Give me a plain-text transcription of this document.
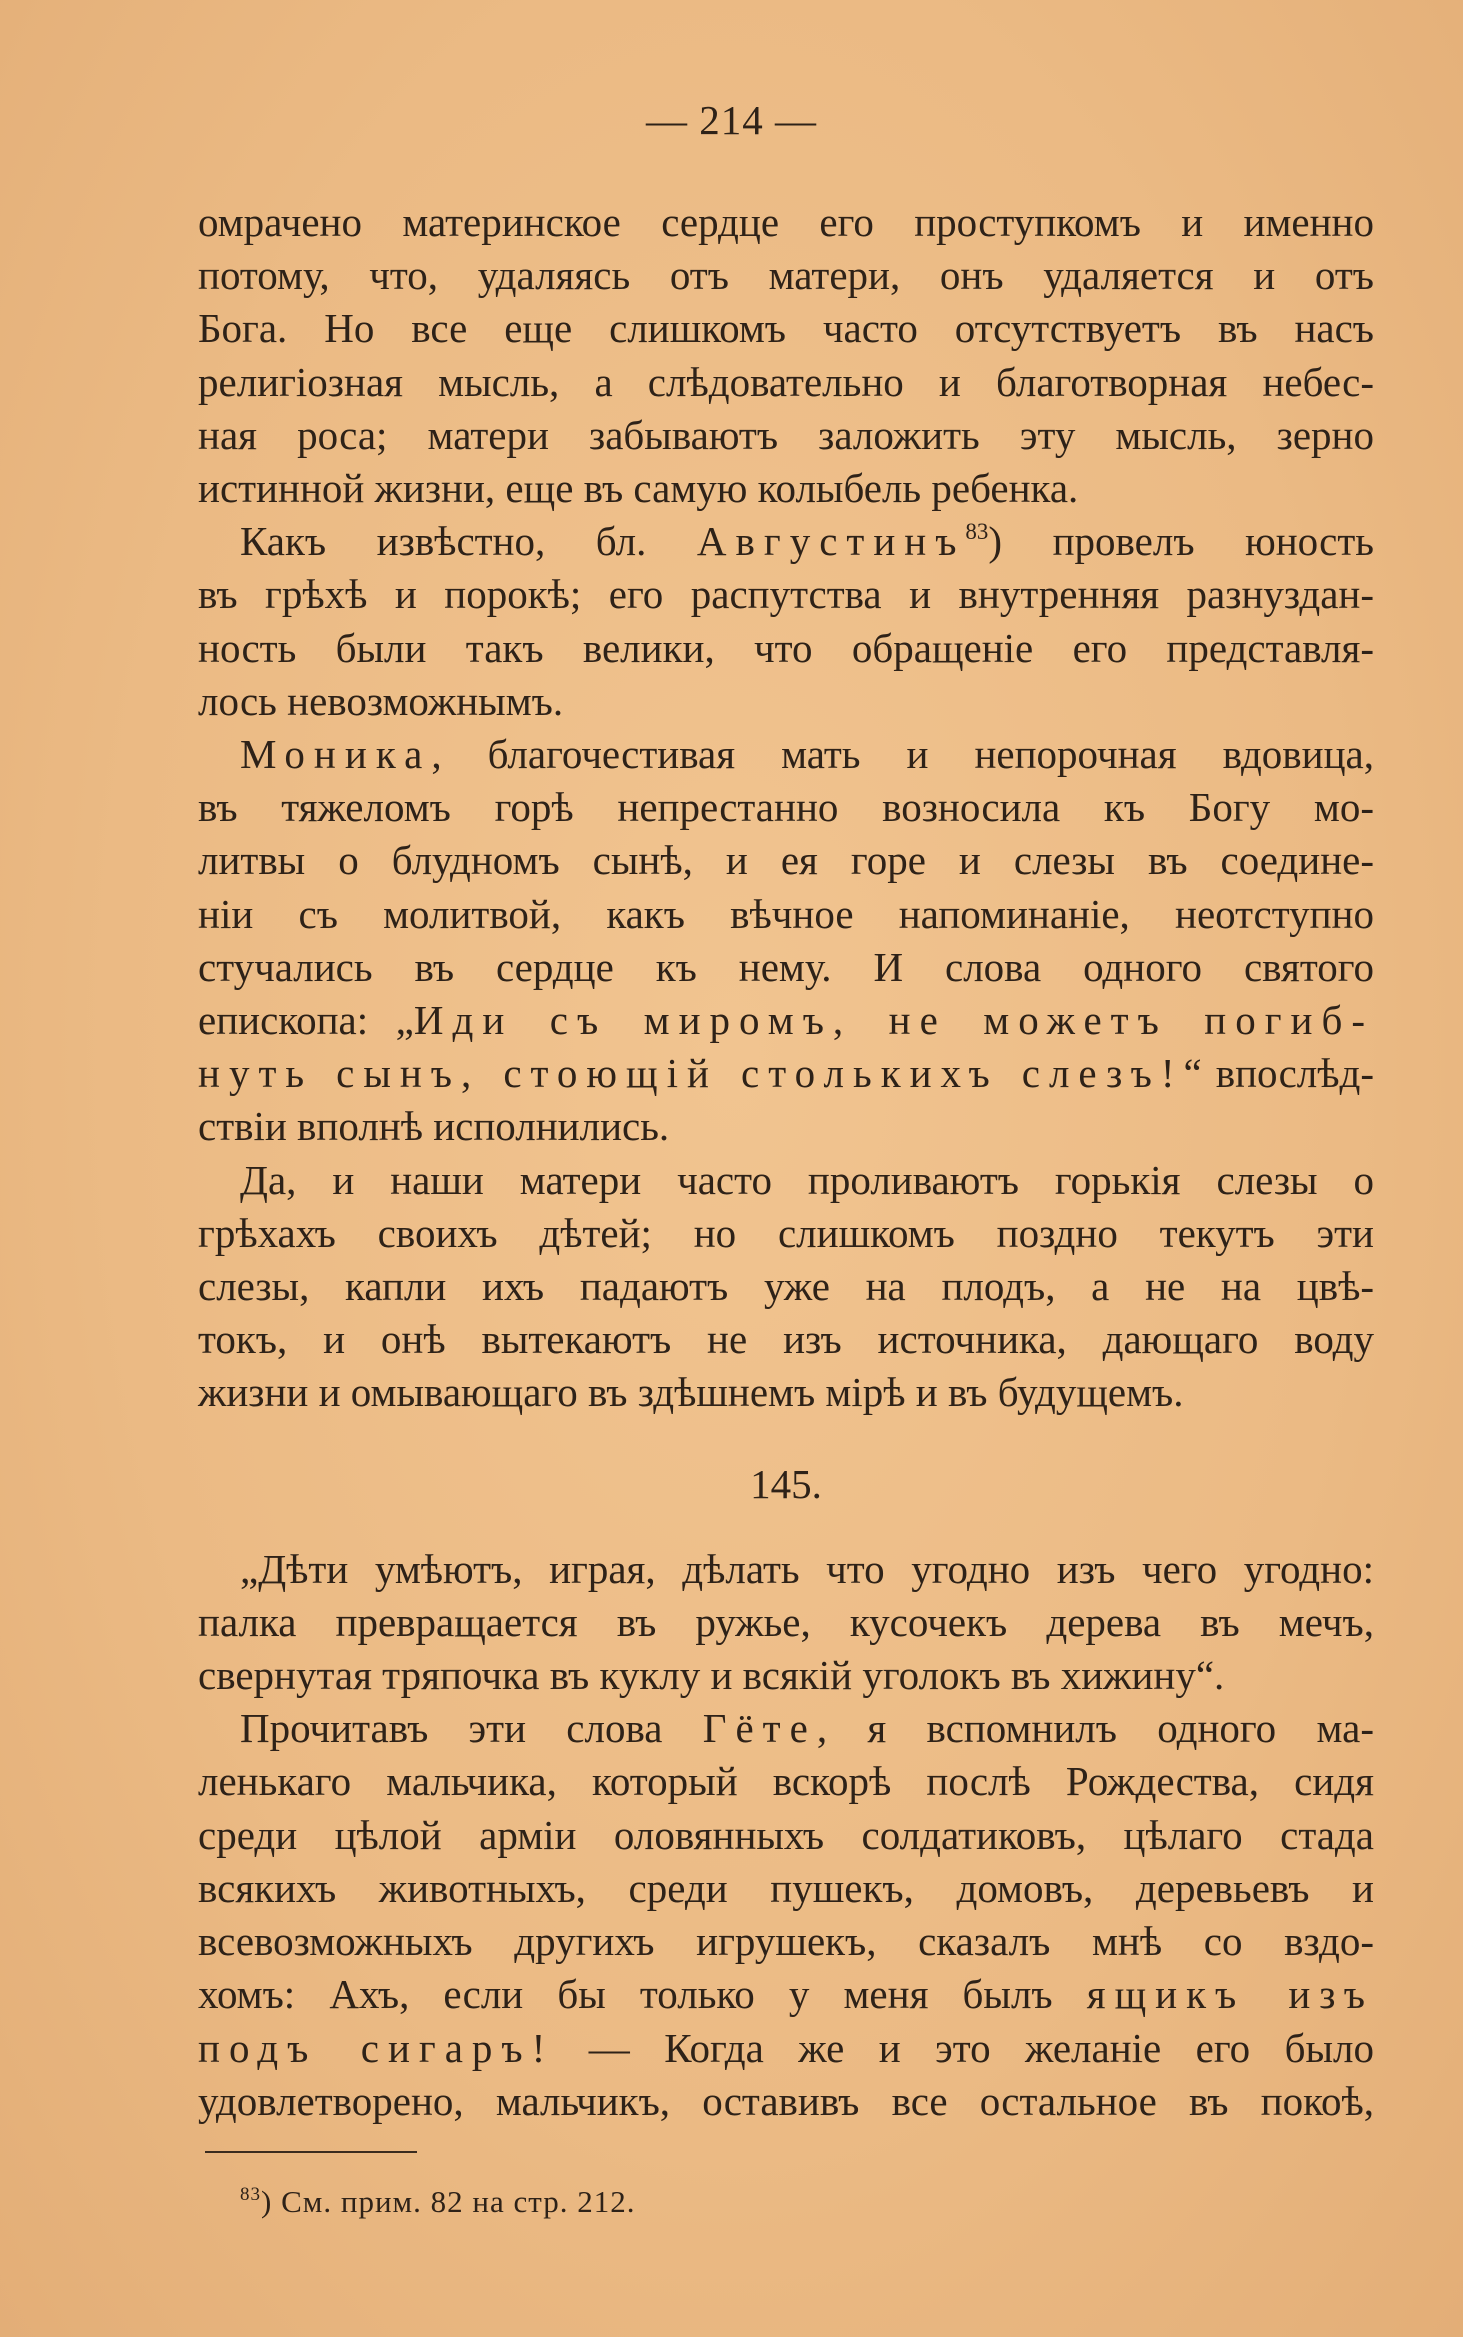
— 214 —

омрачено материнское сердце его проступкомъ и именно

потому, что, удаляясь отъ матери, онъ удаляется и отъ

Бога. Но все еще слишкомъ часто отсутствуетъ въ насъ

религiозная мысль, а слѣдовательно и благотворная небес-

ная роса; матери забываютъ заложить эту мысль, зерно

истинной жизни, еще въ самую колыбель ребенка.

Какъ извѣстно, бл. Августинъ$^{83}$) провелъ юность

въ грѣхѣ и порокѣ; его распутства и внутренняя разнуздан-

ность были такъ велики, что обращенiе его представля-

лось невозможнымъ.

Моника, благочестивая мать и непорочная вдовица,

въ тяжеломъ горѣ непрестанно возносила къ Богу мо-

литвы о блудномъ сынѣ, и ея горе и слезы въ соедине-

нiи съ молитвой, какъ вѣчное напоминанiе, неотступно

стучались въ сердце къ нему. И слова одного святого

епископа: „Иди съ миромъ, не можетъ погиб-

нуть сынъ, стоющiй столькихъ слезъ!“ впослѣд-

ствiи вполнѣ исполнились.

Да, и наши матери часто проливаютъ горькiя слезы о

грѣхахъ своихъ дѣтей; но слишкомъ поздно текутъ эти

слезы, капли ихъ падаютъ уже на плодъ, а не на цвѣ-

токъ, и онѣ вытекаютъ не изъ источника, дающаго воду

жизни и омывающаго въ здѣшнемъ мiрѣ и въ будущемъ.

145.

„Дѣти умѣютъ, играя, дѣлать что угодно изъ чего угодно:

палка превращается въ ружье, кусочекъ дерева въ мечъ,

свернутая тряпочка въ куклу и всякiй уголокъ въ хижину“.

Прочитавъ эти слова Гёте, я вспомнилъ одного ма-

ленькаго мальчика, который вскорѣ послѣ Рождества, сидя

среди цѣлой армiи оловянныхъ солдатиковъ, цѣлаго стада

всякихъ животныхъ, среди пушекъ, домовъ, деревьевъ и

всевозможныхъ другихъ игрушекъ, сказалъ мнѣ со вздо-

хомъ: Ахъ, если бы только у меня былъ ящикъ изъ

подъ сигаръ! — Когда же и это желанiе его было

удовлетворено, мальчикъ, оставивъ все остальное въ покоѣ,

$^{83}$) См. прим. 82 на стр. 212.
